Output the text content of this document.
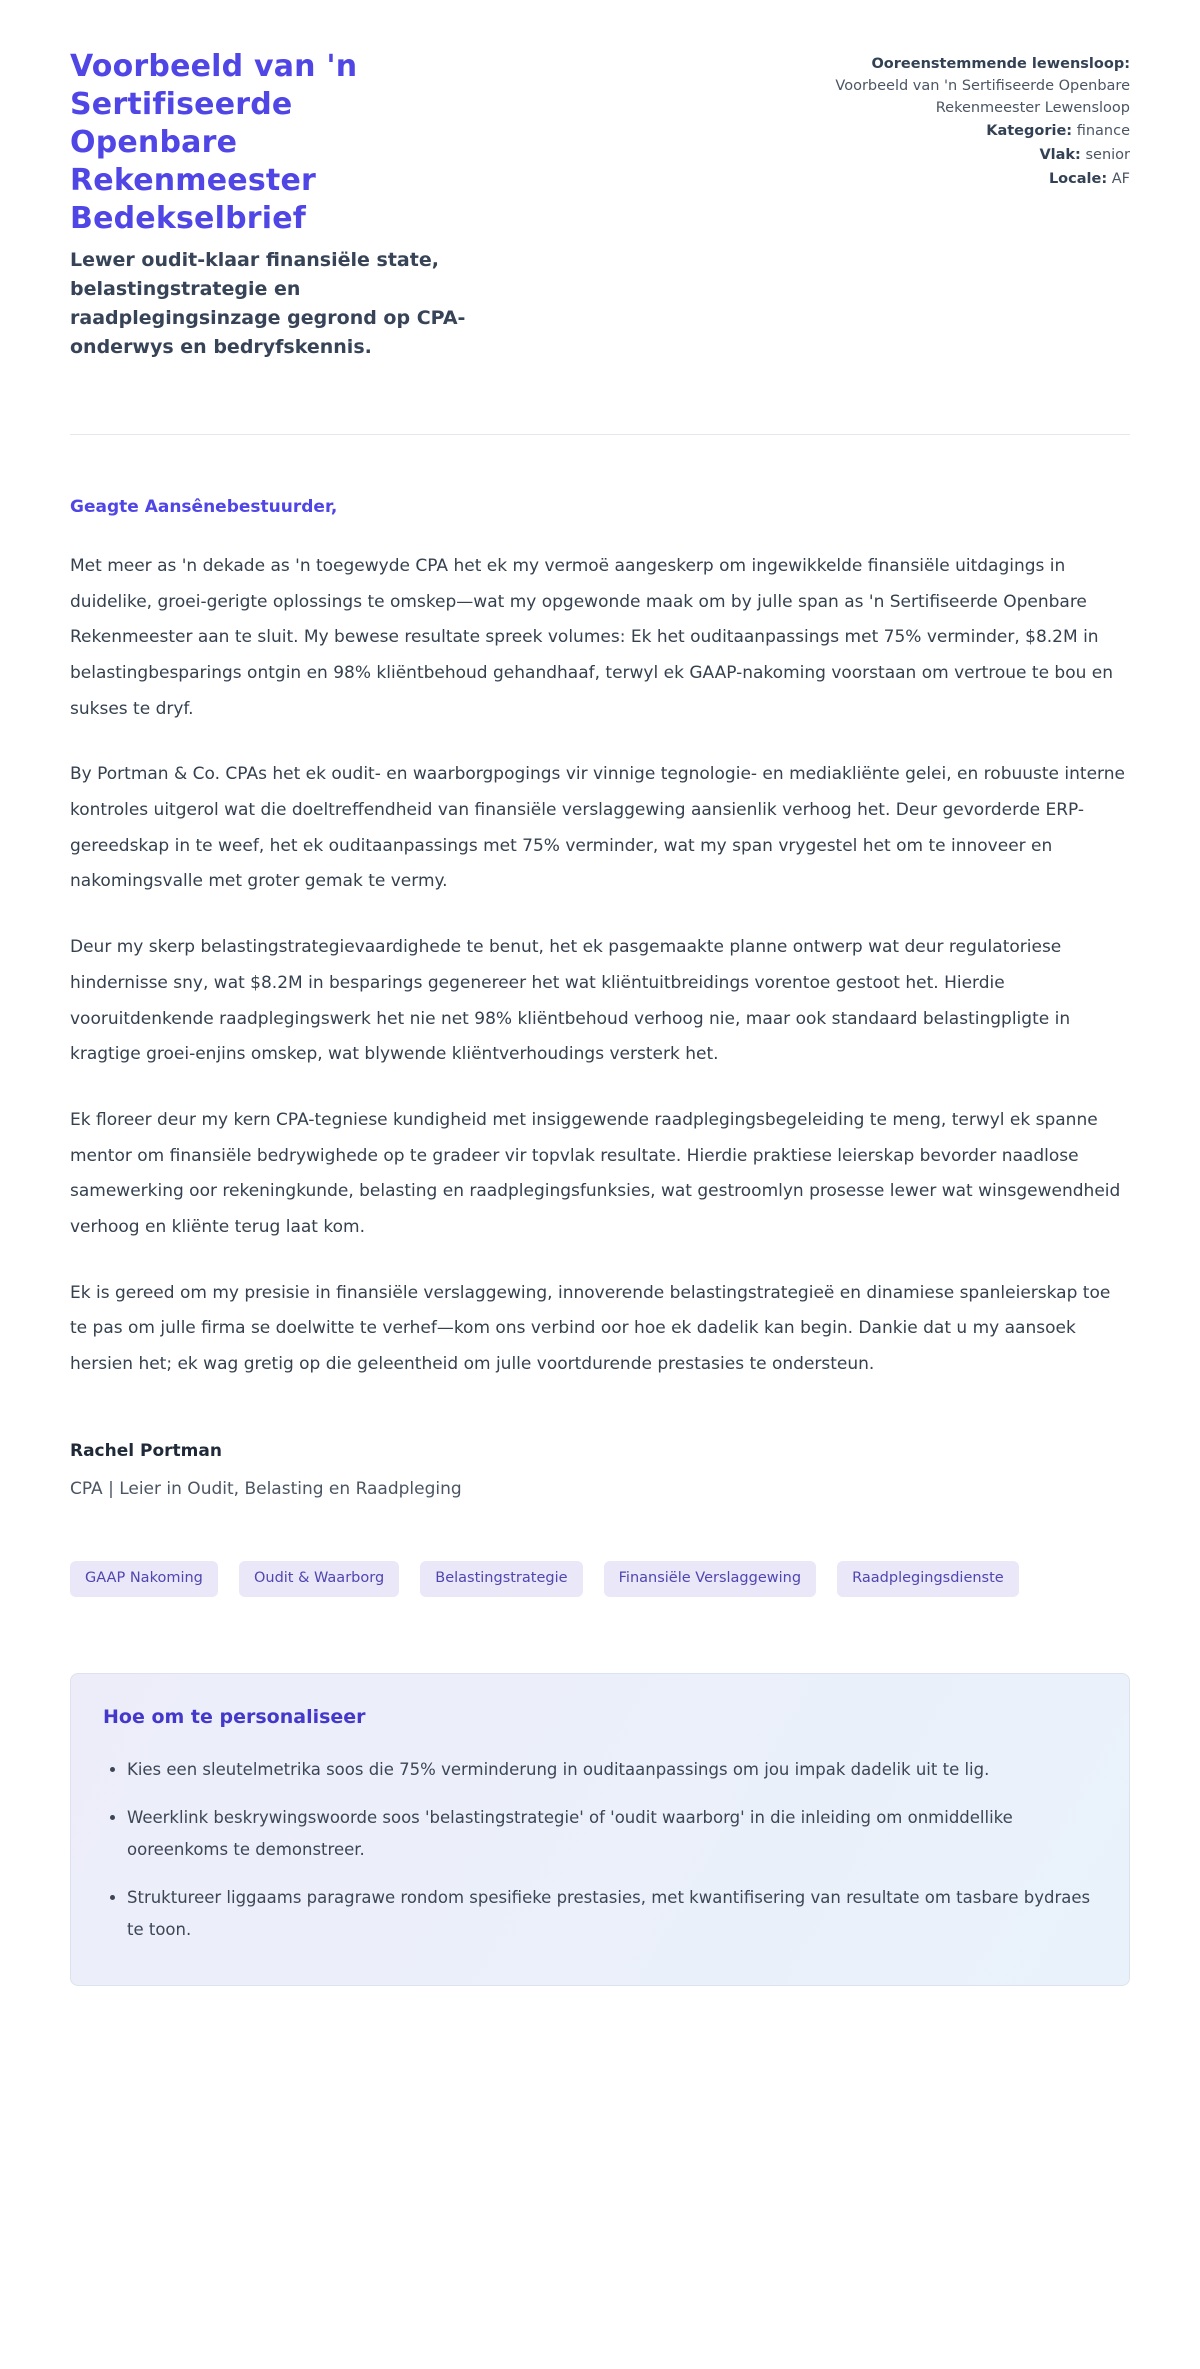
Voorbeeld van 'n Sertifiseerde Openbare Rekenmeester Bedekselbrief

Lewer oudit-klaar finansiële state, belastingstrategie en raadplegingsinzage gegrond op CPA-onderwys en bedryfskennis.

Ooreenstemmende lewensloop: Voorbeeld van 'n Sertifiseerde Openbare Rekenmeester Lewensloop
Kategorie: finance
Vlak: senior
Locale: AF

Geagte Aansênebestuurder,

Met meer as 'n dekade as 'n toegewyde CPA het ek my vermoë aangeskerp om ingewikkelde finansiële uitdagings in duidelike, groei-gerigte oplossings te omskep—wat my opgewonde maak om by julle span as 'n Sertifiseerde Openbare Rekenmeester aan te sluit. My bewese resultate spreek volumes: Ek het ouditaanpassings met 75% verminder, $8.2M in belastingbesparings ontgin en 98% kliëntbehoud gehandhaaf, terwyl ek GAAP-nakoming voorstaan om vertroue te bou en sukses te dryf.

By Portman & Co. CPAs het ek oudit- en waarborgpogings vir vinnige tegnologie- en mediakliënte gelei, en robuuste interne kontroles uitgerol wat die doeltreffendheid van finansiële verslaggewing aansienlik verhoog het. Deur gevorderde ERP-gereedskap in te weef, het ek ouditaanpassings met 75% verminder, wat my span vrygestel het om te innoveer en nakomingsvalle met groter gemak te vermy.

Deur my skerp belastingstrategievaardighede te benut, het ek pasgemaakte planne ontwerp wat deur regulatoriese hindernisse sny, wat $8.2M in besparings gegenereer het wat kliëntuitbreidings vorentoe gestoot het. Hierdie vooruitdenkende raadplegingswerk het nie net 98% kliëntbehoud verhoog nie, maar ook standaard belastingpligte in kragtige groei-enjins omskep, wat blywende kliëntverhoudings versterk het.

Ek floreer deur my kern CPA-tegniese kundigheid met insiggewende raadplegingsbegeleiding te meng, terwyl ek spanne mentor om finansiële bedrywighede op te gradeer vir topvlak resultate. Hierdie praktiese leierskap bevorder naadlose samewerking oor rekeningkunde, belasting en raadplegingsfunksies, wat gestroomlyn prosesse lewer wat winsgewendheid verhoog en kliënte terug laat kom.

Ek is gereed om my presisie in finansiële verslaggewing, innoverende belastingstrategieë en dinamiese spanleierskap toe te pas om julle firma se doelwitte te verhef—kom ons verbind oor hoe ek dadelik kan begin. Dankie dat u my aansoek hersien het; ek wag gretig op die geleentheid om julle voortdurende prestasies te ondersteun.

Rachel Portman

CPA | Leier in Oudit, Belasting en Raadpleging

GAAP Nakoming	Oudit & Waarborg	Belastingstrategie	Finansiële Verslaggewing	Raadplegingsdienste
Hoe om te personaliseer
• Kies een sleutelmetrika soos die 75% verminderung in ouditaanpassings om jou impak dadelik uit te lig.
• Weerklink beskrywingswoorde soos 'belastingstrategie' of 'oudit waarborg' in die inleiding om onmiddellike ooreenkoms te demonstreer.
• Struktureer liggaams paragrawe rondom spesifieke prestasies, met kwantifisering van resultate om tasbare bydraes te toon.
